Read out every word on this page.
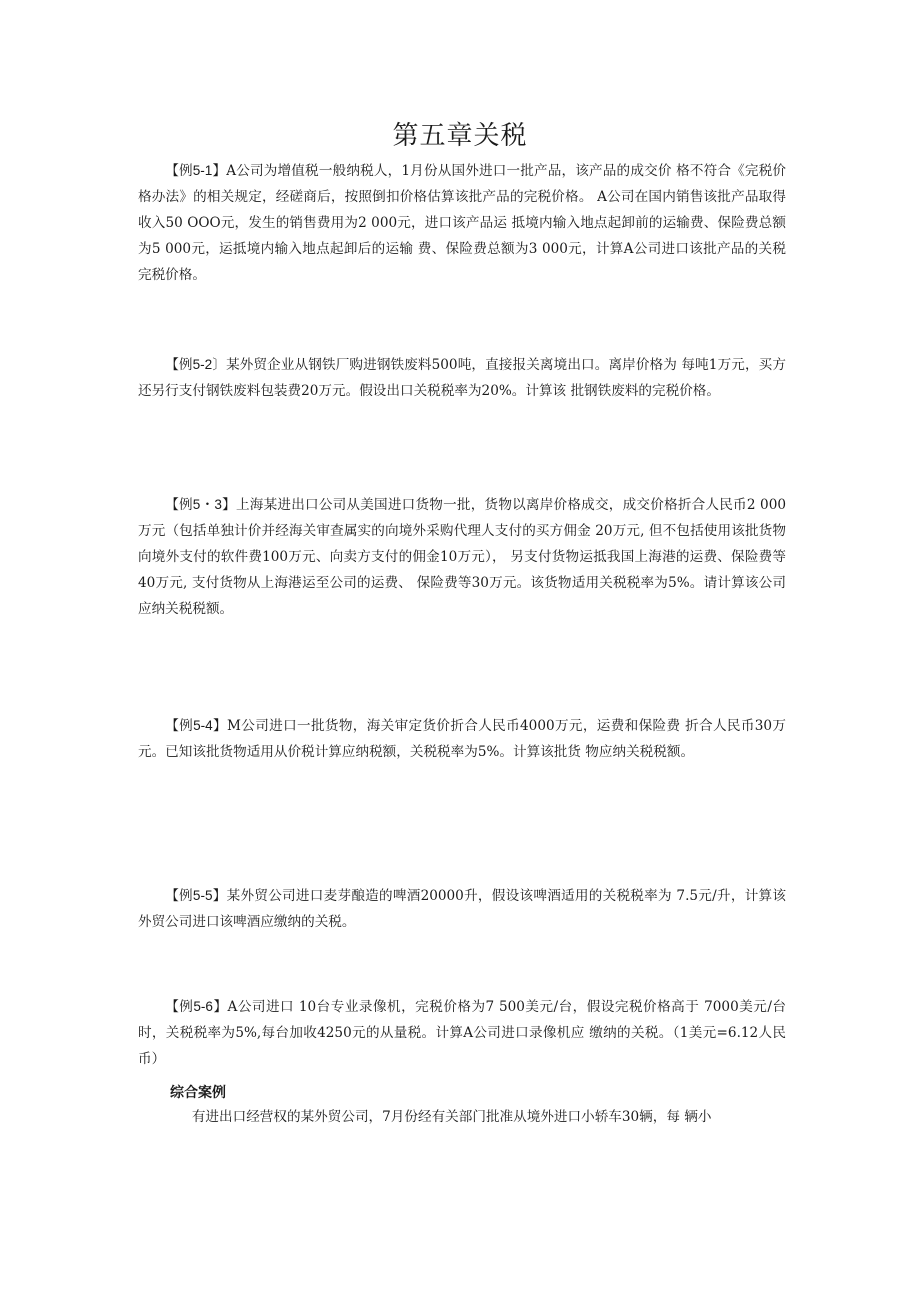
第五章关税

【例5-1】A公司为增值税一般纳税人，1月份从国外进口一批产品，该产品的成交价 格不符合《完税价格办法》的相关规定，经磋商后，按照倒扣价格估算该批产品的完税价格。 A公司在国内销售该批产品取得收入50 OOO元，发生的销售费用为2 000元，进口该产品运 抵境内输入地点起卸前的运输费、保险费总额为5 000元，运抵境内输入地点起卸后的运输 费、保险费总额为3 000元，计算A公司进口该批产品的关税完税价格。

【例5-2〕某外贸企业从钢铁厂购进钢铁废料500吨，直接报关离境出口。离岸价格为 每吨1万元，买方还另行支付钢铁废料包装费20万元。假设出口关税税率为20%。计算该 批钢铁废料的完税价格。

【例5・3】上海某进出口公司从美国进口货物一批，货物以离岸价格成交，成交价格折合人民币2 000万元（包括单独计价并经海关审查属实的向境外采购代理人支付的买方佣金 20万元, 但不包括使用该批货物向境外支付的软件费100万元、向卖方支付的佣金10万元）， 另支付货物运抵我国上海港的运费、保险费等40万元, 支付货物从上海港运至公司的运费、 保险费等30万元。该货物适用关税税率为5%。请计算该公司应纳关税税额。

【例5-4】M公司进口一批货物，海关审定货价折合人民币4000万元，运费和保险费 折合人民币30万元。已知该批货物适用从价税计算应纳税额，关税税率为5%。计算该批货 物应纳关税税额。

【例5-5】某外贸公司进口麦芽酿造的啤酒20000升，假设该啤酒适用的关税税率为 7.5元/升，计算该外贸公司进口该啤酒应缴纳的关税。

【例5-6】A公司进口 10台专业录像机，完税价格为7 500美元/台，假设完税价格高于 7000美元/台时，关税税率为5%,每台加收4250元的从量税。计算A公司进口录像机应 缴纳的关税。（1美元=6.12人民币）

综合案例

有进出口经营权的某外贸公司，7月份经有关部门批准从境外进口小轿车30辆，每 辆小
